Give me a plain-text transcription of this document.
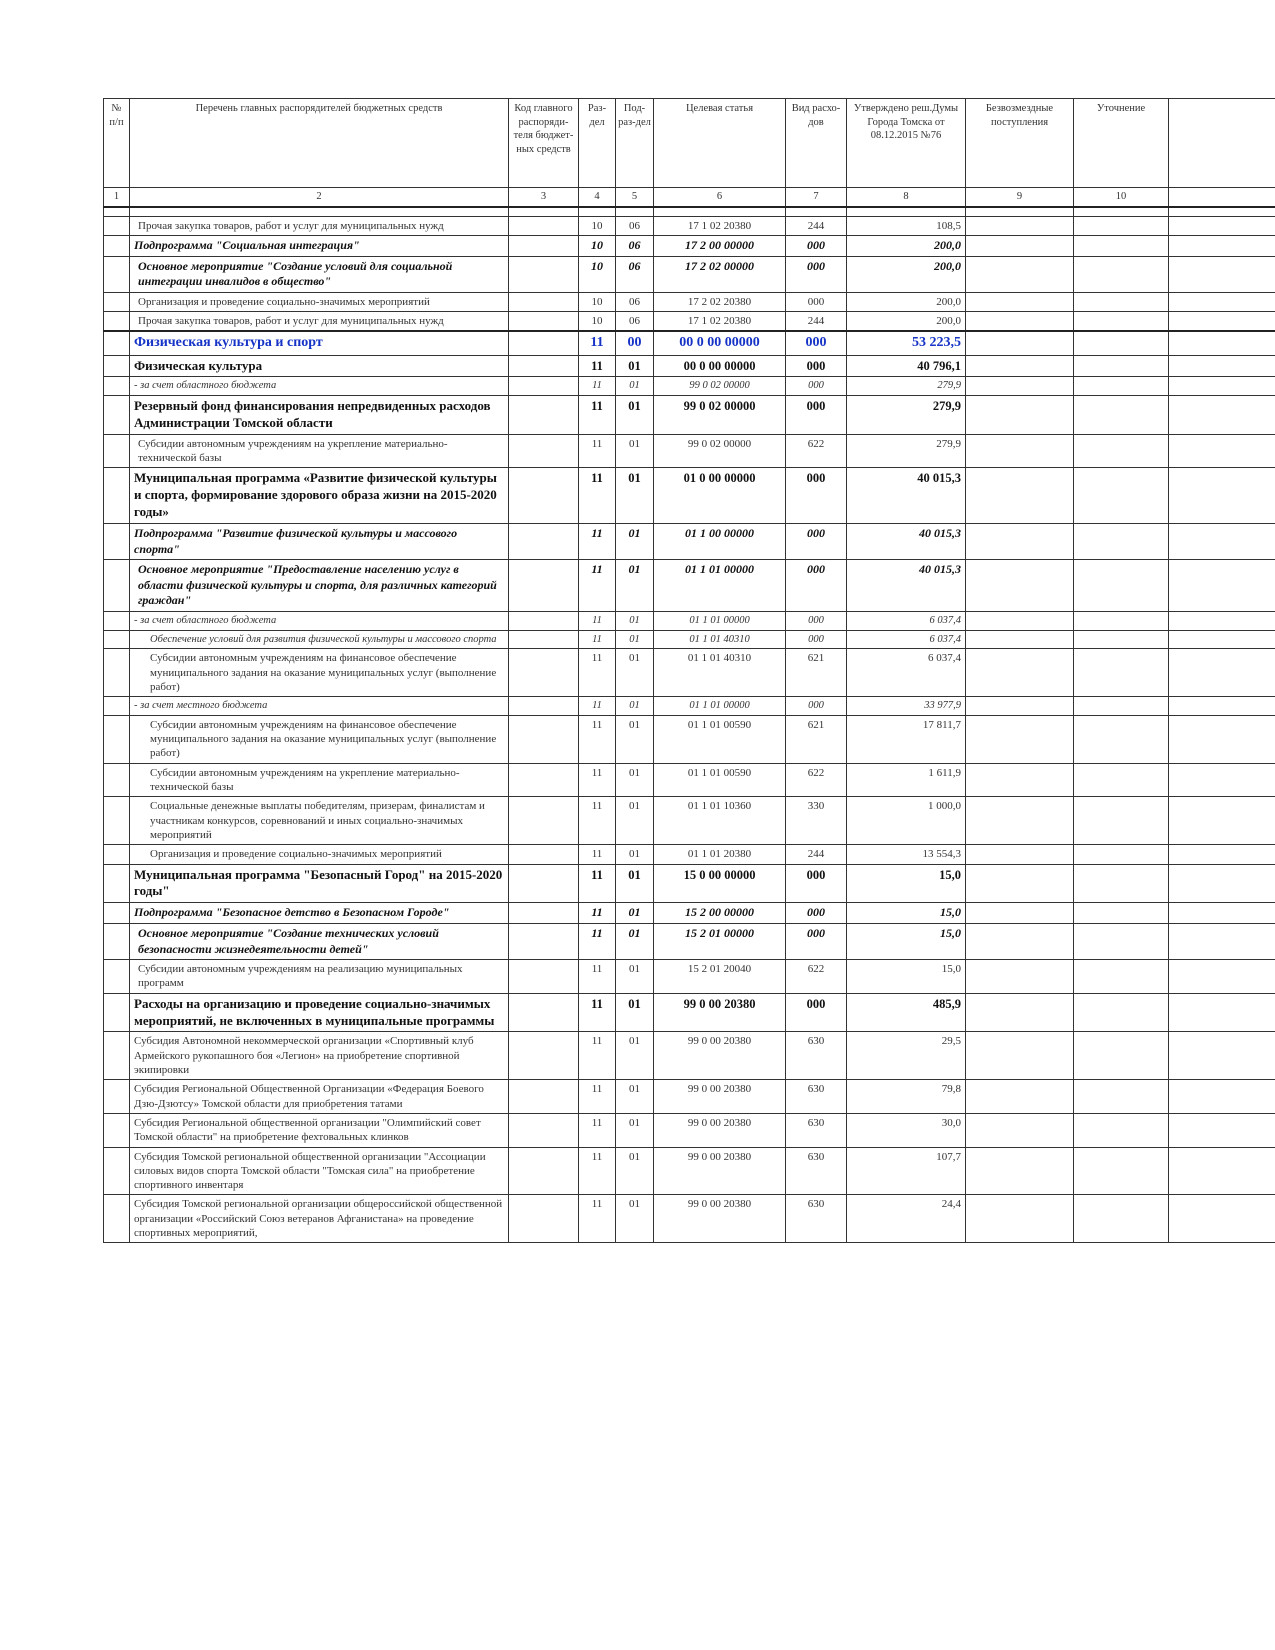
№ п/п	Перечень главных распорядителей бюджетных средств	Код главного распоряди-теля бюджет-ных средств	Раз-дел	Под-раз-дел	Целевая статья	Вид расхо-дов	Утверждено реш.Думы Города Томска от 08.12.2015 №76	Безвозмездные поступления	Уточнение	
1	2	3	4	5	6	7	8	9	10	

	Прочая закупка товаров, работ и услуг для муниципальных нужд		10	06	17 1 02 20380	244	108,5			
	Подпрограмма "Социальная интеграция"		10	06	17 2 00 00000	000	200,0			
	Основное мероприятие "Создание условий для социальной интеграции инвалидов в общество"		10	06	17 2 02 00000	000	200,0			
	Организация и проведение социально-значимых мероприятий		10	06	17 2 02 20380	000	200,0			
	Прочая закупка товаров, работ и услуг для муниципальных нужд		10	06	17 1 02 20380	244	200,0			
	Физическая культура и спорт		11	00	00 0 00 00000	000	53 223,5			
	Физическая культура		11	01	00 0 00 00000	000	40 796,1			
	- за счет областного бюджета		11	01	99 0 02 00000	000	279,9			
	Резервный фонд финансирования непредвиденных расходов Администрации Томской области		11	01	99 0 02 00000	000	279,9			
	Субсидии автономным учреждениям на укрепление материально-технической базы		11	01	99 0 02 00000	622	279,9			
	Муниципальная программа «Развитие физической культуры и спорта, формирование здорового образа жизни на 2015-2020 годы»		11	01	01 0 00 00000	000	40 015,3			
	Подпрограмма "Развитие физической культуры и массового спорта"		11	01	01 1 00 00000	000	40 015,3			
	Основное мероприятие "Предоставление населению услуг в области физической культуры и спорта, для различных категорий граждан"		11	01	01 1 01 00000	000	40 015,3			
	- за счет областного бюджета		11	01	01 1 01 00000	000	6 037,4			
	Обеспечение условий для развития физической культуры и массового спорта		11	01	01 1 01 40310	000	6 037,4			
	Субсидии автономным учреждениям на финансовое обеспечение муниципального задания на оказание муниципальных услуг (выполнение работ)		11	01	01 1 01 40310	621	6 037,4			
	- за счет местного бюджета		11	01	01 1 01 00000	000	33 977,9			
	Субсидии автономным учреждениям на финансовое обеспечение муниципального задания на оказание муниципальных услуг (выполнение работ)		11	01	01 1 01 00590	621	17 811,7			
	Субсидии автономным учреждениям на укрепление материально-технической базы		11	01	01 1 01 00590	622	1 611,9			
	Социальные денежные выплаты победителям, призерам, финалистам и участникам конкурсов, соревнований и иных социально-значимых мероприятий		11	01	01 1 01 10360	330	1 000,0			
	Организация и проведение социально-значимых мероприятий		11	01	01 1 01 20380	244	13 554,3			
	Муниципальная программа "Безопасный Город" на 2015-2020 годы"		11	01	15 0 00 00000	000	15,0			
	Подпрограмма "Безопасное детство в Безопасном Городе"		11	01	15 2 00 00000	000	15,0			
	Основное мероприятие "Создание технических условий безопасности жизнедеятельности детей"		11	01	15 2 01 00000	000	15,0			
	Субсидии автономным учреждениям на реализацию муниципальных программ		11	01	15 2 01 20040	622	15,0			
	Расходы на организацию и проведение социально-значимых мероприятий, не включенных в муниципальные программы		11	01	99 0 00 20380	000	485,9			
	Субсидия Автономной некоммерческой организации «Спортивный клуб Армейского рукопашного боя «Легион» на приобретение спортивной экипировки		11	01	99 0 00 20380	630	29,5			
	Субсидия Региональной Общественной Организации «Федерация Боевого Дзю-Дзютсу» Томской области для приобретения татами		11	01	99 0 00 20380	630	79,8			
	Субсидия Региональной общественной организации "Олимпийский совет Томской области" на приобретение фехтовальных клинков		11	01	99 0 00 20380	630	30,0			
	Субсидия Томской региональной общественной организации "Ассоциации силовых видов спорта Томской области "Томская сила" на приобретение спортивного инвентаря		11	01	99 0 00 20380	630	107,7			
	Субсидия Томской региональной организации общероссийской общественной организации «Российский Союз ветеранов Афганистана» на проведение спортивных мероприятий,		11	01	99 0 00 20380	630	24,4			
